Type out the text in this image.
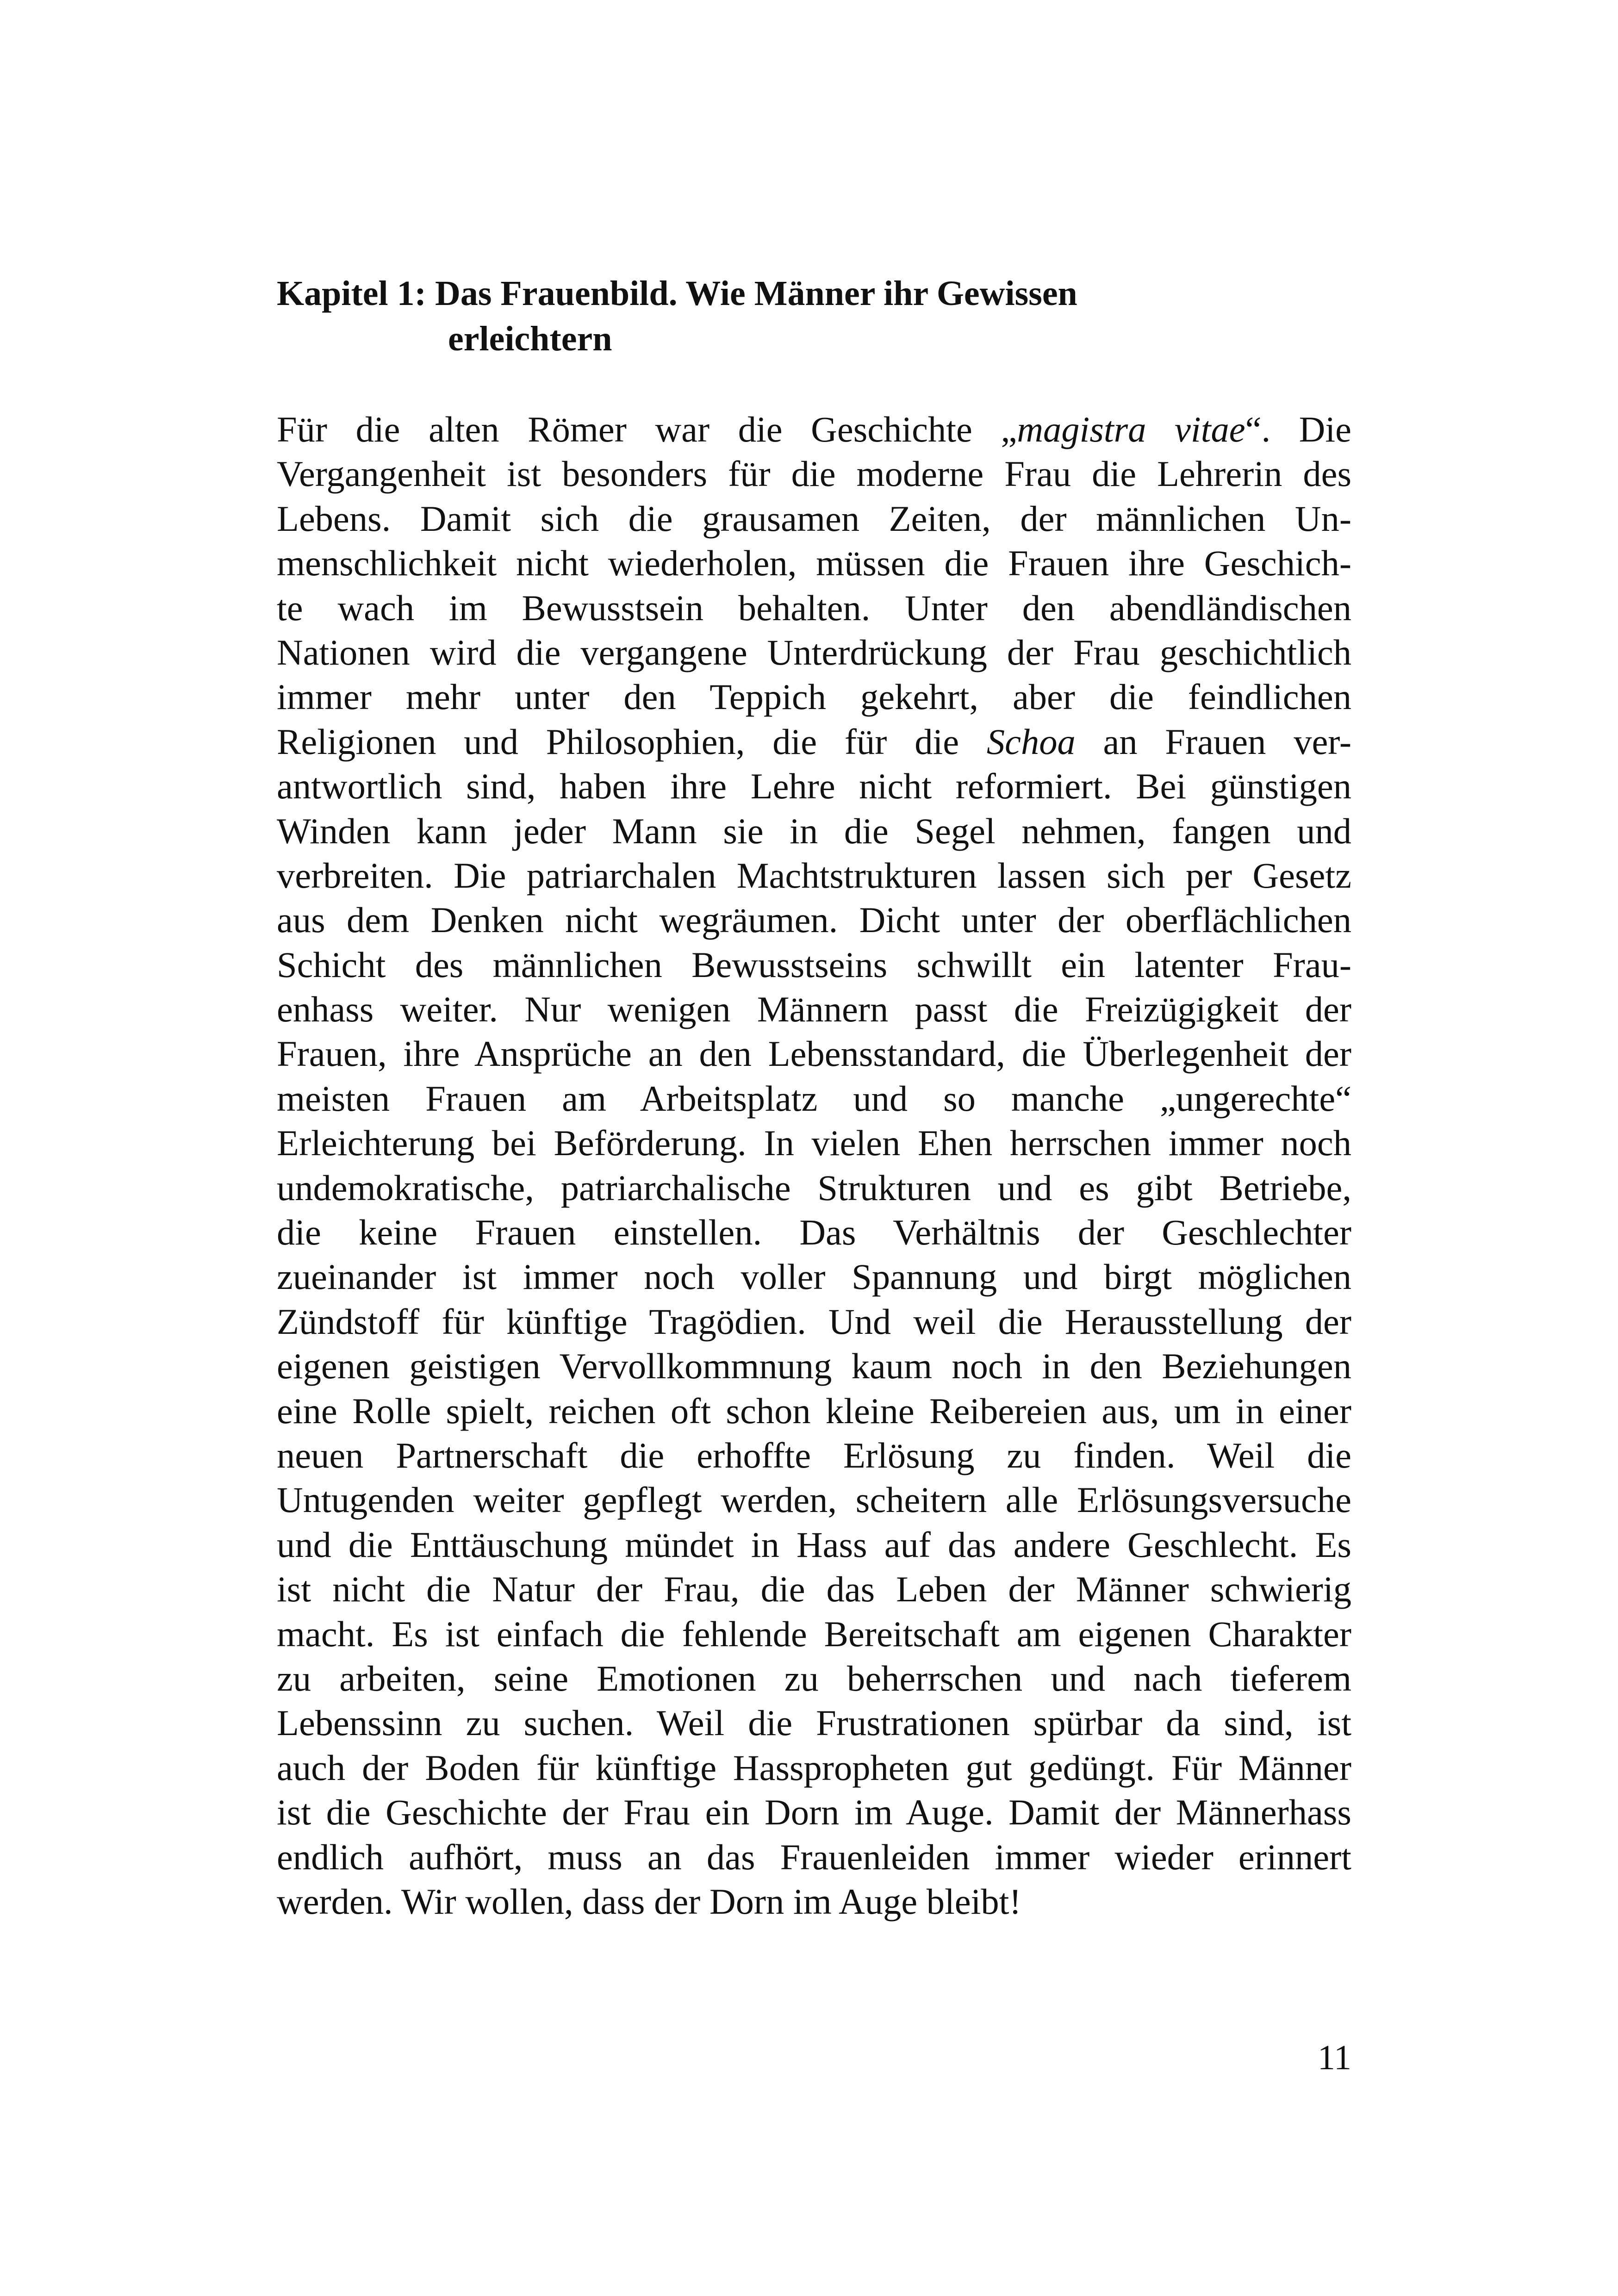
Kapitel 1: Das Frauenbild. Wie Männer ihr Gewissen
erleichtern
Für die alten Römer war die Geschichte „magistra vitae“. Die
Vergangenheit ist besonders für die moderne Frau die Lehrerin des
Lebens. Damit sich die grausamen Zeiten, der männlichen Un-
menschlichkeit nicht wiederholen, müssen die Frauen ihre Geschich-
te wach im Bewusstsein behalten. Unter den abendländischen
Nationen wird die vergangene Unterdrückung der Frau geschichtlich
immer mehr unter den Teppich gekehrt, aber die feindlichen
Religionen und Philosophien, die für die Schoa an Frauen ver-
antwortlich sind, haben ihre Lehre nicht reformiert. Bei günstigen
Winden kann jeder Mann sie in die Segel nehmen, fangen und
verbreiten. Die patriarchalen Machtstrukturen lassen sich per Gesetz
aus dem Denken nicht wegräumen. Dicht unter der oberflächlichen
Schicht des männlichen Bewusstseins schwillt ein latenter Frau-
enhass weiter. Nur wenigen Männern passt die Freizügigkeit der
Frauen, ihre Ansprüche an den Lebensstandard, die Überlegenheit der
meisten Frauen am Arbeitsplatz und so manche „ungerechte“
Erleichterung bei Beförderung. In vielen Ehen herrschen immer noch
undemokratische, patriarchalische Strukturen und es gibt Betriebe,
die keine Frauen einstellen. Das Verhältnis der Geschlechter
zueinander ist immer noch voller Spannung und birgt möglichen
Zündstoff für künftige Tragödien. Und weil die Herausstellung der
eigenen geistigen Vervollkommnung kaum noch in den Beziehungen
eine Rolle spielt, reichen oft schon kleine Reibereien aus, um in einer
neuen Partnerschaft die erhoffte Erlösung zu finden. Weil die
Untugenden weiter gepflegt werden, scheitern alle Erlösungsversuche
und die Enttäuschung mündet in Hass auf das andere Geschlecht. Es
ist nicht die Natur der Frau, die das Leben der Männer schwierig
macht. Es ist einfach die fehlende Bereitschaft am eigenen Charakter
zu arbeiten, seine Emotionen zu beherrschen und nach tieferem
Lebenssinn zu suchen. Weil die Frustrationen spürbar da sind, ist
auch der Boden für künftige Hasspropheten gut gedüngt. Für Männer
ist die Geschichte der Frau ein Dorn im Auge. Damit der Männerhass
endlich aufhört, muss an das Frauenleiden immer wieder erinnert
werden. Wir wollen, dass der Dorn im Auge bleibt!
11
